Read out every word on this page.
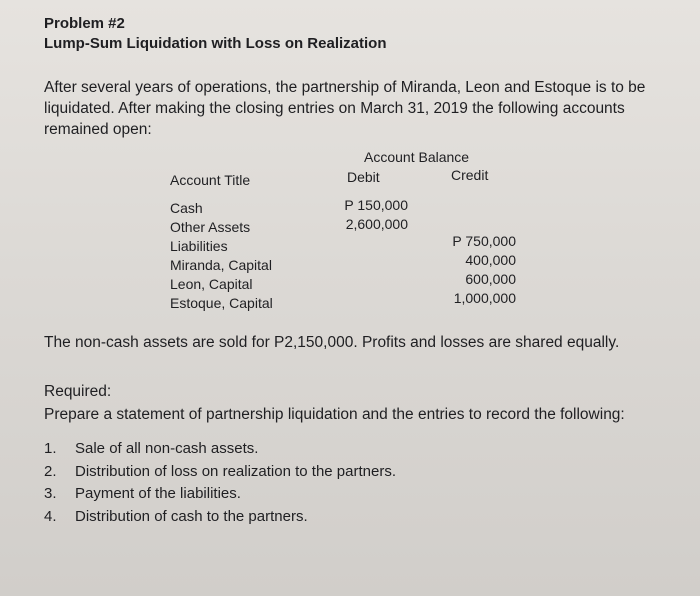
Problem #2
Lump-Sum Liquidation with Loss on Realization
After several years of operations, the partnership of Miranda, Leon and Estoque is to be
liquidated. After making the closing entries on March 31, 2019 the following accounts
remained open:
Account Balance
Account Title	Debit	Credit
Cash
Other Assets
Liabilities
Miranda, Capital
Leon, Capital
Estoque, Capital
P 150,000
2,600,000
P 750,000
400,000
600,000
1,000,000
The non-cash assets are sold for P2,150,000. Profits and losses are shared equally.
Required:
Prepare a statement of partnership liquidation and the entries to record the following:
1. Sale of all non-cash assets.
2. Distribution of loss on realization to the partners.
3. Payment of the liabilities.
4. Distribution of cash to the partners.
